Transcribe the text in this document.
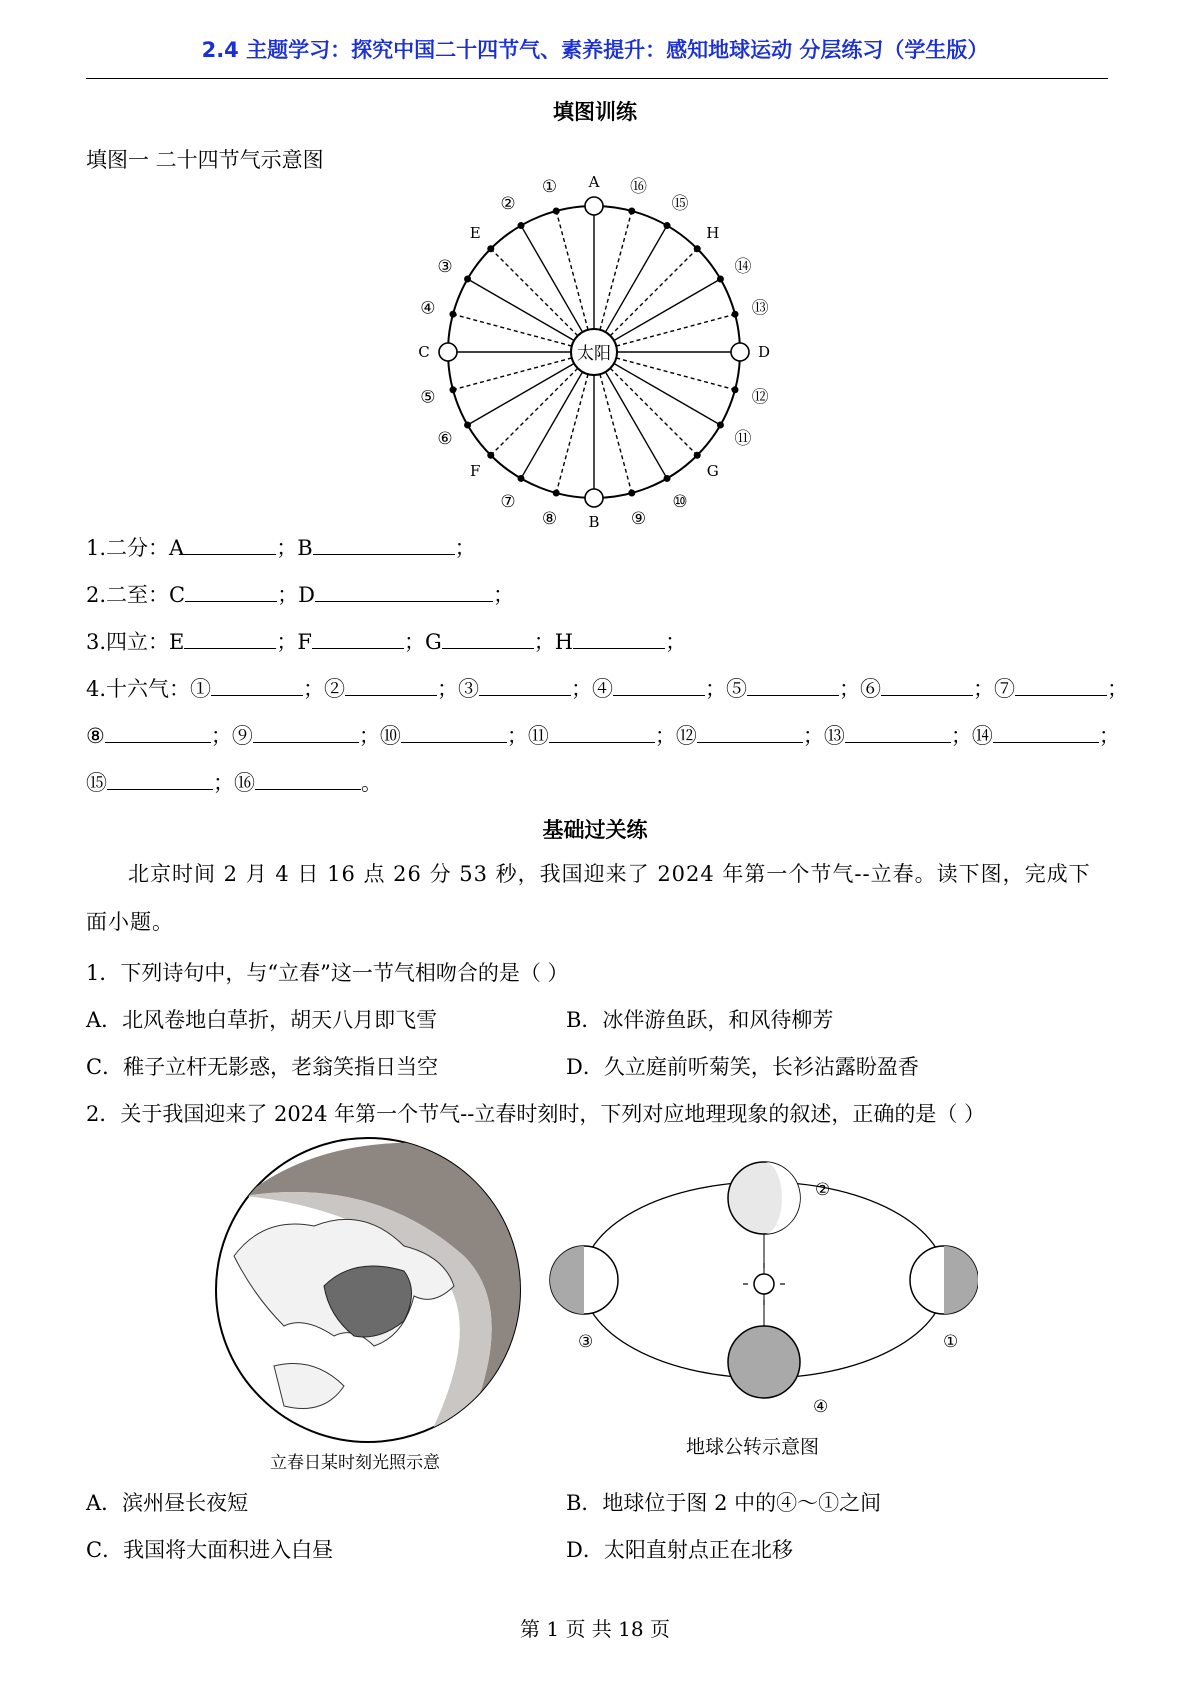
2.4 主题学习：探究中国二十四节气、素养提升：感知地球运动 分层练习（学生版）
填图训练
填图一 二十四节气示意图
太阳
A
H
D
G
B
F
C
E
①
②
③
④
⑤
⑥
⑦
⑧	⑨
⑩
⑪
⑫
⑬
⑭
⑮
⑯
1.二分：A	；B	；
2.二至：C	；D	；
3.四立：E	；F	；G	；H	；
4.十六气：①	；②	；③	；④	；⑤	；⑥	；⑦	；
⑧	；⑨	；⑩	；⑪	；⑫	；⑬	；⑭	；
⑮	；⑯	。
基础过关练
北京时间 2 月 4 日 16 点 26 分 53 秒，我国迎来了 2024 年第一个节气--立春。读下图，完成下面小题。
1．下列诗句中，与“立春”这一节气相吻合的是（ ）
A．北风卷地白草折，胡天八月即飞雪	B．冰伴游鱼跃，和风待柳芳
C．稚子立杆无影惑，老翁笑指日当空	D．久立庭前听菊笑，长衫沾露盼盈香
2．关于我国迎来了 2024 年第一个节气--立春时刻时，下列对应地理现象的叙述，正确的是（ ）
立春日某时刻光照示意
②
①
③
④
地球公转示意图
A．滨州昼长夜短	B．地球位于图 2 中的④～①之间
C．我国将大面积进入白昼	D．太阳直射点正在北移
第 1 页 共 18 页
